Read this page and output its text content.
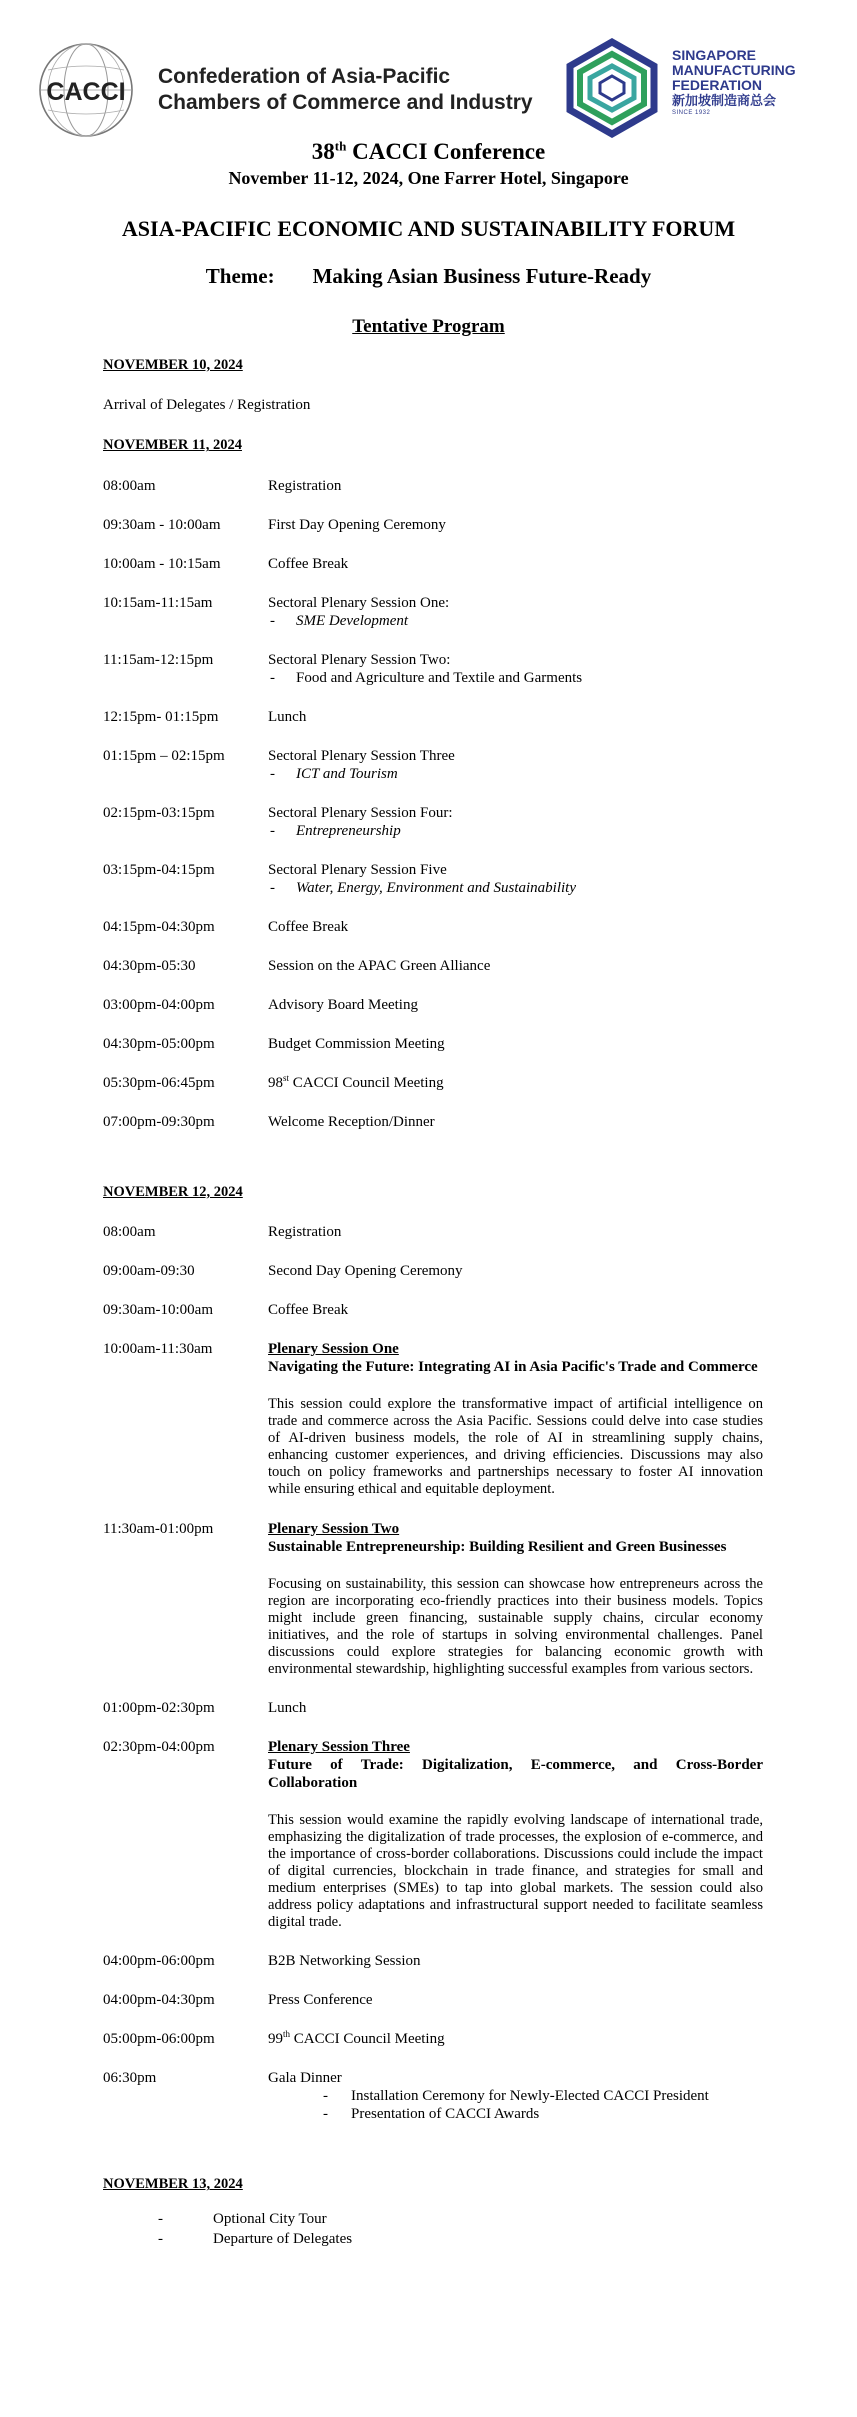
CACCI
Confederation of Asia-Pacific
Chambers of Commerce and Industry
SINGAPORE
MANUFACTURING
FEDERATION
新加坡制造商总会
SINCE 1932
38th CACCI Conference
November 11-12, 2024, One Farrer Hotel, Singapore
ASIA-PACIFIC ECONOMIC AND SUSTAINABILITY FORUM
Theme: Making Asian Business Future-Ready
Tentative Program
NOVEMBER 10, 2024
Arrival of Delegates / Registration
NOVEMBER 11, 2024
08:00am	Registration
09:30am - 10:00am	First Day Opening Ceremony
10:00am - 10:15am	Coffee Break
10:15am-11:15am	Sectoral Plenary Session One:
- SME Development
11:15am-12:15pm	Sectoral Plenary Session Two:
- Food and Agriculture and Textile and Garments
12:15pm- 01:15pm	Lunch
01:15pm – 02:15pm	Sectoral Plenary Session Three
- ICT and Tourism
02:15pm-03:15pm	Sectoral Plenary Session Four:
- Entrepreneurship
03:15pm-04:15pm	Sectoral Plenary Session Five
- Water, Energy, Environment and Sustainability
04:15pm-04:30pm	Coffee Break
04:30pm-05:30	Session on the APAC Green Alliance
03:00pm-04:00pm	Advisory Board Meeting
04:30pm-05:00pm	Budget Commission Meeting
05:30pm-06:45pm	98st CACCI Council Meeting
07:00pm-09:30pm	Welcome Reception/Dinner
NOVEMBER 12, 2024
08:00am	Registration
09:00am-09:30	Second Day Opening Ceremony
09:30am-10:00am	Coffee Break
10:00am-11:30am	Plenary Session One
Navigating the Future: Integrating AI in Asia Pacific's Trade and Commerce
This session could explore the transformative impact of artificial intelligence on trade and commerce across the Asia Pacific. Sessions could delve into case studies of AI-driven business models, the role of AI in streamlining supply chains, enhancing customer experiences, and driving efficiencies. Discussions may also touch on policy frameworks and partnerships necessary to foster AI innovation while ensuring ethical and equitable deployment.
11:30am-01:00pm	Plenary Session Two
Sustainable Entrepreneurship: Building Resilient and Green Businesses
Focusing on sustainability, this session can showcase how entrepreneurs across the region are incorporating eco-friendly practices into their business models. Topics might include green financing, sustainable supply chains, circular economy initiatives, and the role of startups in solving environmental challenges. Panel discussions could explore strategies for balancing economic growth with environmental stewardship, highlighting successful examples from various sectors.
01:00pm-02:30pm	Lunch
02:30pm-04:00pm	Plenary Session Three
Future of Trade: Digitalization, E-commerce, and Cross-Border Collaboration
This session would examine the rapidly evolving landscape of international trade, emphasizing the digitalization of trade processes, the explosion of e-commerce, and the importance of cross-border collaborations. Discussions could include the impact of digital currencies, blockchain in trade finance, and strategies for small and medium enterprises (SMEs) to tap into global markets. The session could also address policy adaptations and infrastructural support needed to facilitate seamless digital trade.
04:00pm-06:00pm	B2B Networking Session
04:00pm-04:30pm	Press Conference
05:00pm-06:00pm	99th CACCI Council Meeting
06:30pm	Gala Dinner
- Installation Ceremony for Newly-Elected CACCI President
- Presentation of CACCI Awards
NOVEMBER 13, 2024
-	Optional City Tour
-	Departure of Delegates
